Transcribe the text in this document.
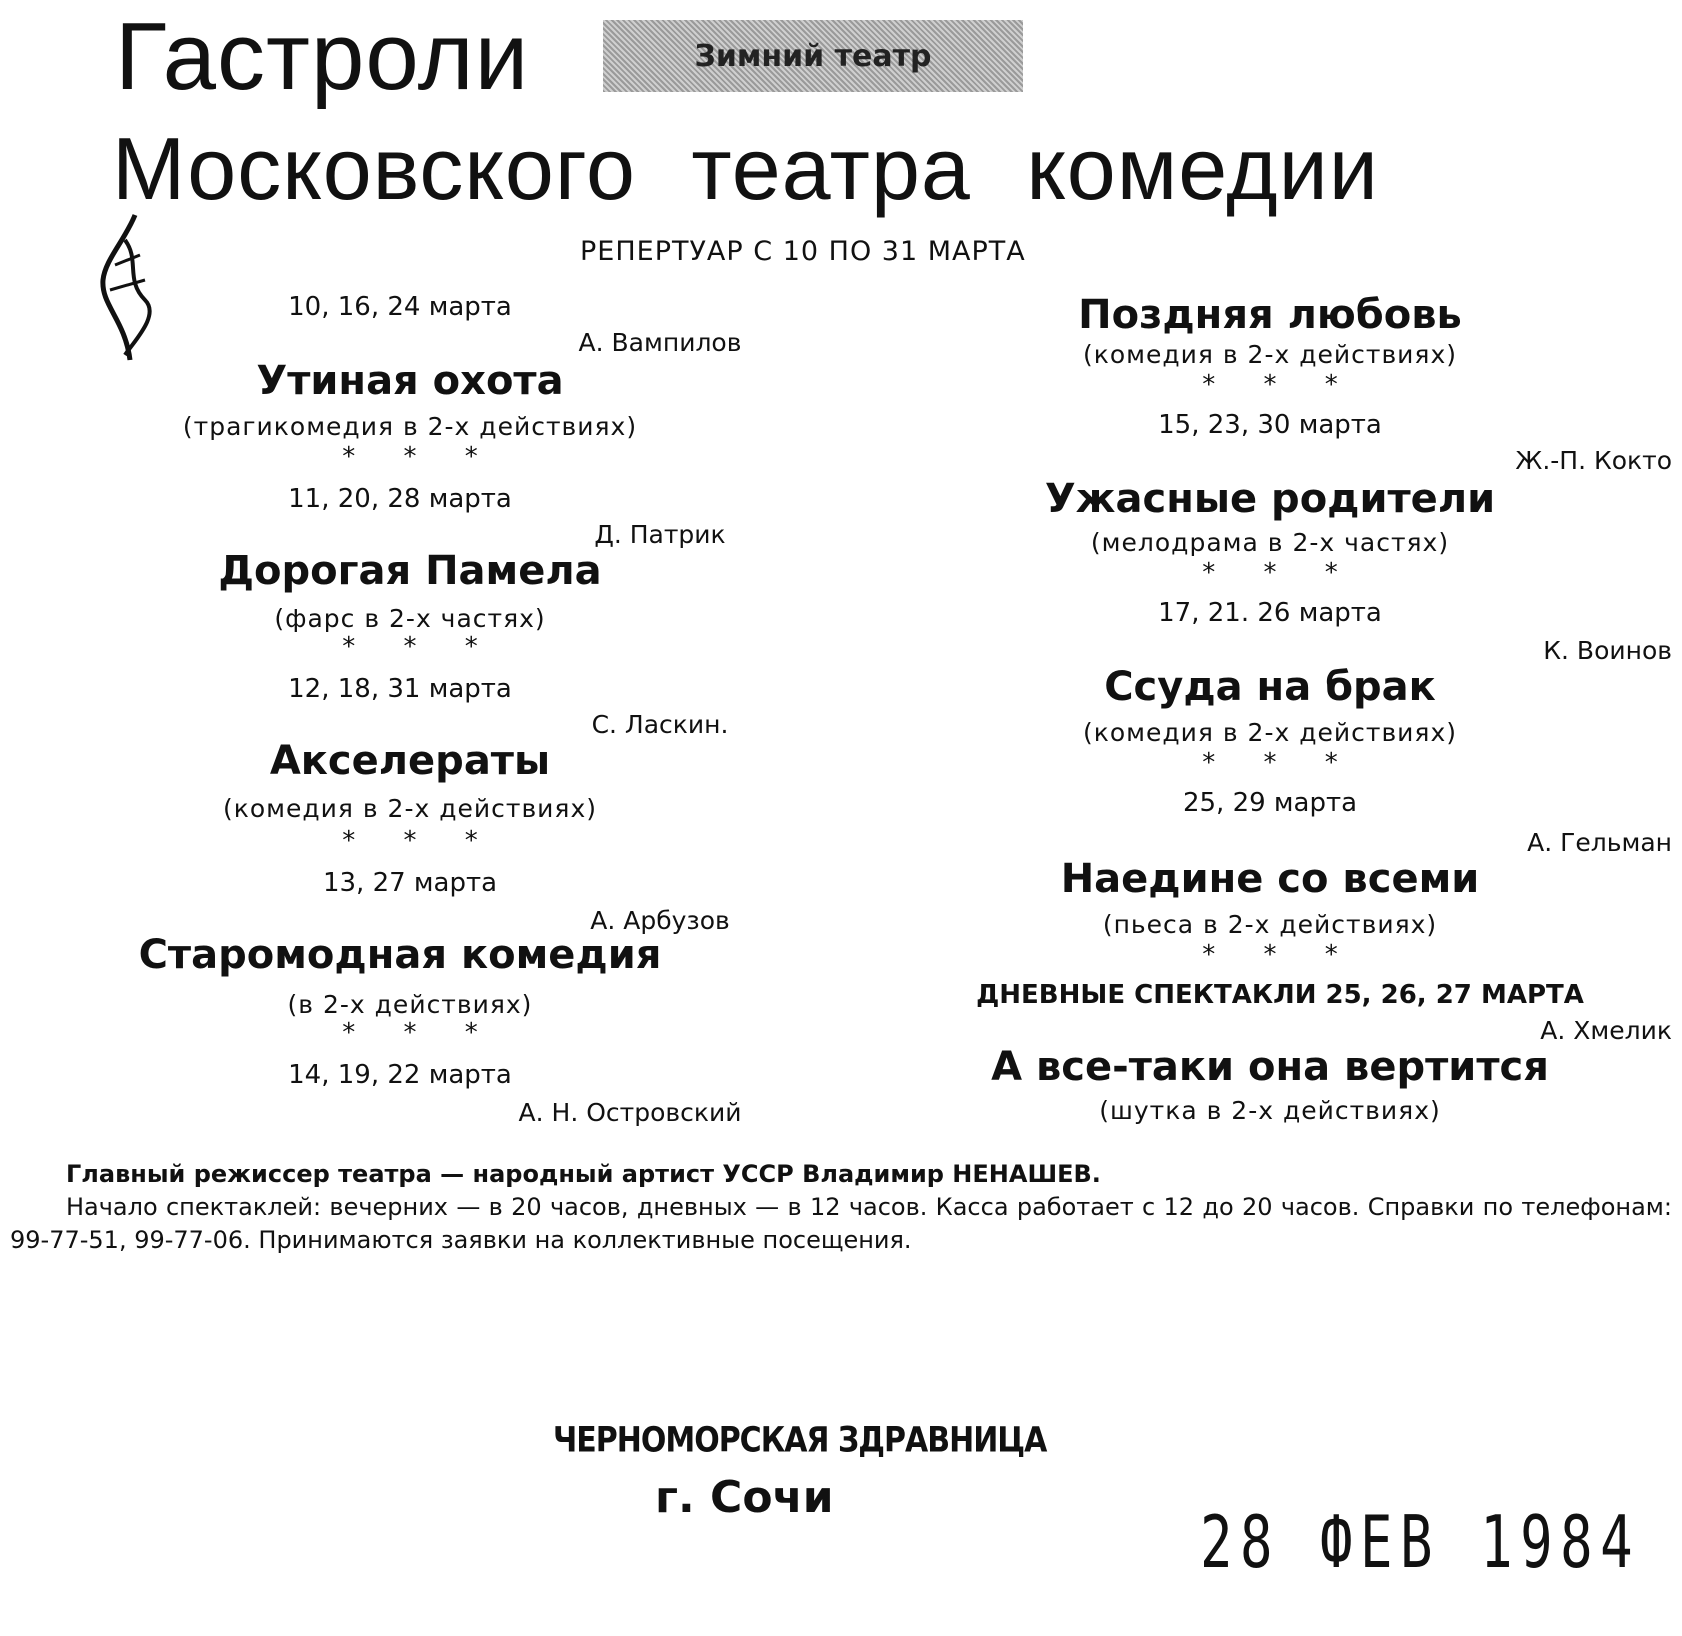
Гастроли	Зимний театр
Московского театра комедии
РЕПЕРТУАР С 10 ПО 31 МАРТА
10, 16, 24 марта
А. Вампилов
Утиная охота
(трагикомедия в 2-х действиях)
* * *
11, 20, 28 марта
Д. Патрик
Дорогая Памела
(фарс в 2-х частях)
* * *
12, 18, 31 марта
С. Ласкин.
Акселераты
(комедия в 2-х действиях)
* * *
13, 27 марта
А. Арбузов
Старомодная комедия
(в 2-х действиях)
* * *
14, 19, 22 марта
А. Н. Островский
Поздняя любовь
(комедия в 2-х действиях)
* * *
15, 23, 30 марта
Ж.-П. Кокто
Ужасные родители
(мелодрама в 2-х частях)
* * *
17, 21. 26 марта
К. Воинов
Ссуда на брак
(комедия в 2-х действиях)
* * *
25, 29 марта
А. Гельман
Наедине со всеми
(пьеса в 2-х действиях)
* * *
ДНЕВНЫЕ СПЕКТАКЛИ 25, 26, 27 МАРТА
А. Хмелик
А все-таки она вертится
(шутка в 2-х действиях)

Главный режиссер театра — народный артист УССР Владимир НЕНАШЕВ.

Начало спектаклей: вечерних — в 20 часов, дневных — в 12 часов. Касса работает с 12 до 20 часов. Справки по телефонам: 99-77-51, 99-77-06. Принимаются заявки на коллективные посещения.

ЧЕРНОМОРСКАЯ ЗДРАВНИЦА
г. Сочи
28 ФЕВ 1984
